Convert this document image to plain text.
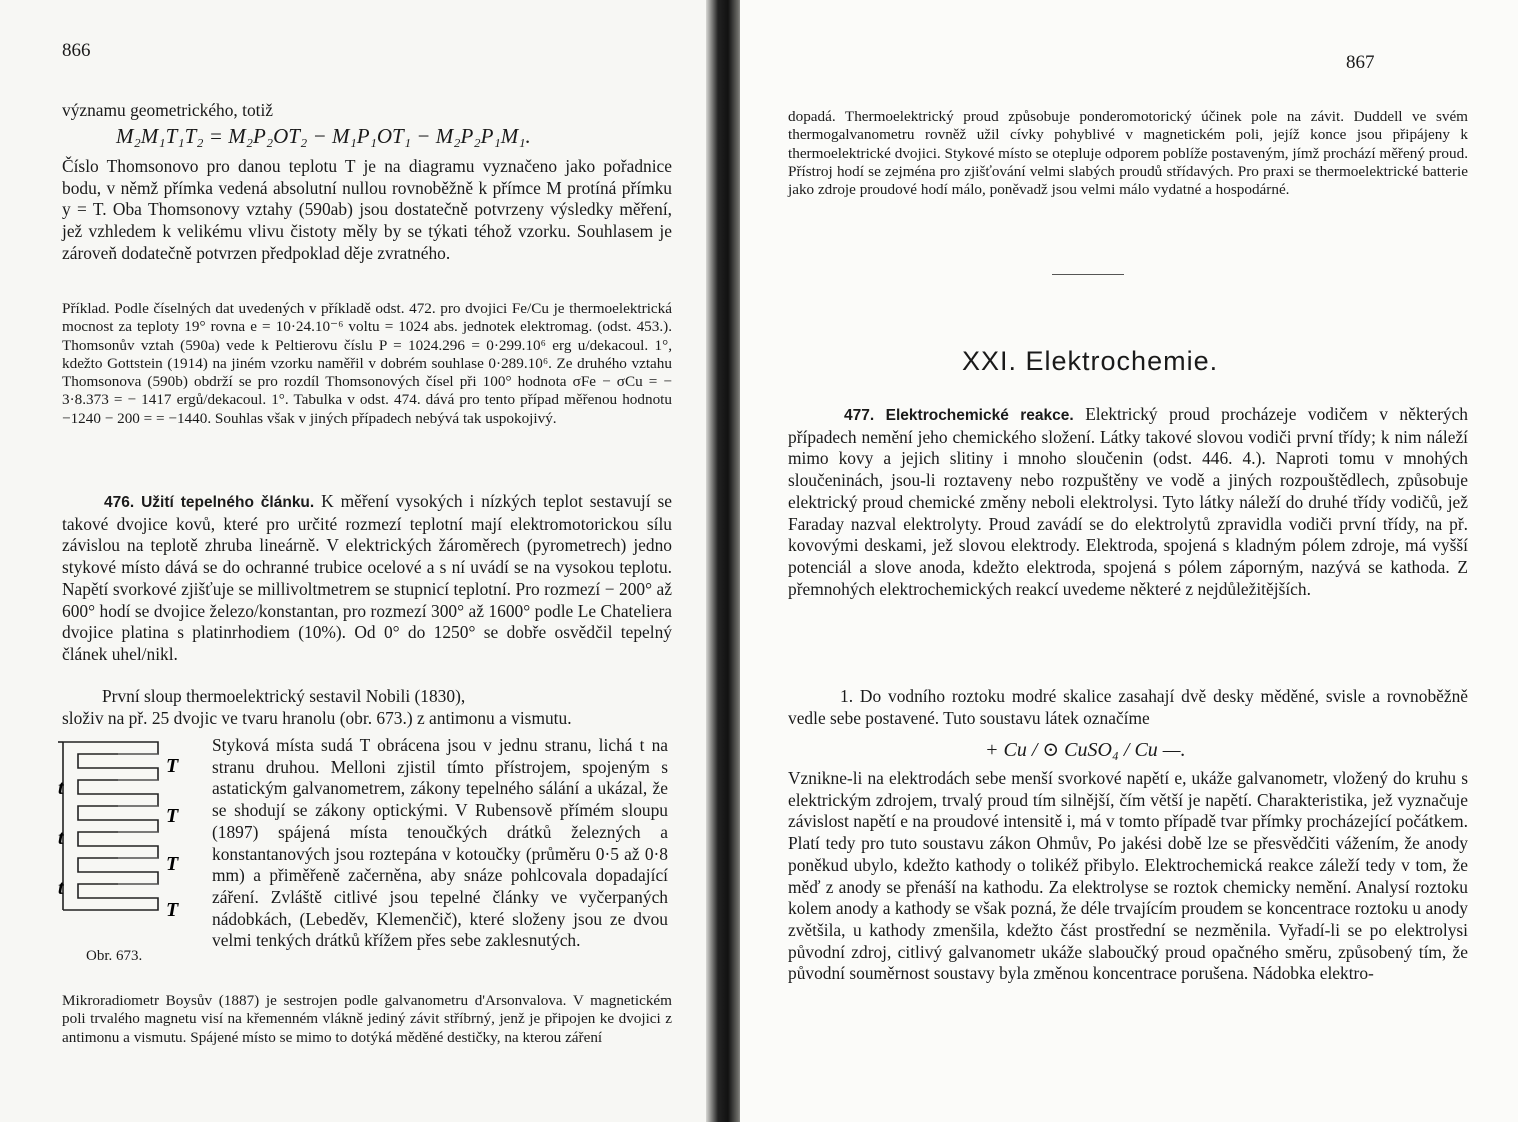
866
významu geometrického, totiž
M₂M₁T₁T₂ = M₂P₂OT₂ − M₁P₁OT₁ − M₂P₂P₁M₁.
Číslo Thomsonovo pro danou teplotu T je na diagramu vyznačeno jako pořadnice bodu, v němž přímka vedená absolutní nullou rovnoběžně k přímce M protíná přímku y = T. Oba Thomsonovy vztahy (590ab) jsou dostatečně potvrzeny výsledky měření, jež vzhledem k velikému vlivu čistoty měly by se týkati téhož vzorku. Souhlasem je zároveň dodatečně potvrzen předpoklad děje zvratného.
Příklad. Podle číselných dat uvedených v příkladě odst. 472. pro dvojici Fe/Cu je thermoelektrická mocnost za teploty 19° rovna e = 10·24.10⁻⁶ voltu = 1024 abs. jednotek elektromag. (odst. 453.). Thomsonův vztah (590a) vede k Peltierovu číslu P = 1024.296 = 0·299.10⁶ erg u/dekacoul. 1°, kdežto Gottstein (1914) na jiném vzorku naměřil v dobrém souhlase 0·289.10⁶. Ze druhého vztahu Thomsonova (590b) obdrží se pro rozdíl Thomsonových čísel při 100° hodnota σFe − σCu = − 3·8.373 = − 1417 ergů/dekacoul. 1°. Tabulka v odst. 474. dává pro tento případ měřenou hodnotu −1240 − 200 = = −1440. Souhlas však v jiných případech nebývá tak uspokojivý.
476. Užití tepelného článku. K měření vysokých i nízkých teplot sestavují se takové dvojice kovů, které pro určité rozmezí teplotní mají elektromotorickou sílu závislou na teplotě zhruba lineárně. V elektrických žároměrech (pyrometrech) jedno stykové místo dává se do ochranné trubice ocelové a s ní uvádí se na vysokou teplotu. Napětí svorkové zjišťuje se millivoltmetrem se stupnicí teplotní. Pro rozmezí − 200° až 600° hodí se dvojice železo/konstantan, pro rozmezí 300° až 1600° podle Le Chateliera dvojice platina s platinrhodiem (10%). Od 0° do 1250° se dobře osvědčil tepelný článek uhel/nikl.
První sloup thermoelektrický sestavil Nobili (1830),
složiv na př. 25 dvojic ve tvaru hranolu (obr. 673.) z antimonu a vismutu.
T
T
T
T
t
t
t
Obr. 673.
Styková místa sudá T obrácena jsou v jednu stranu, lichá t na stranu druhou. Melloni zjistil tímto přístrojem, spojeným s astatickým galvanometrem, zákony tepelného sálání a ukázal, že se shodují se zákony optickými. V Rubensově přímém sloupu (1897) spájená místa tenoučkých drátků železných a konstantanových jsou roztepána v kotoučky (průměru 0·5 až 0·8 mm) a přiměřeně začerněna, aby snáze pohlcovala dopadající záření. Zvláště citlivé jsou tepelné články ve vyčerpaných nádobkách, (Lebeděv, Klemenčič), které složeny jsou ze dvou velmi tenkých drátků křížem přes sebe zaklesnutých.
Mikroradiometr Boysův (1887) je sestrojen podle galvanometru d'Arsonvalova. V magnetickém poli trvalého magnetu visí na křemenném vlákně jediný závit stříbrný, jenž je připojen ke dvojici z antimonu a vismutu. Spájené místo se mimo to dotýká měděné destičky, na kterou záření
867
dopadá. Thermoelektrický proud způsobuje ponderomotorický účinek pole na závit. Duddell ve svém thermogalvanometru rovněž užil cívky pohyblivé v magnetickém poli, jejíž konce jsou připájeny k thermoelektrické dvojici. Stykové místo se otepluje odporem poblíže postaveným, jímž prochází měřený proud. Přístroj hodí se zejména pro zjišťování velmi slabých proudů střídavých. Pro praxi se thermoelektrické batterie jako zdroje proudové hodí málo, poněvadž jsou velmi málo vydatné a hospodárné.
XXI. Elektrochemie.
477. Elektrochemické reakce. Elektrický proud procházeje vodičem v některých případech nemění jeho chemického složení. Látky takové slovou vodiči první třídy; k nim náleží mimo kovy a jejich slitiny i mnoho sloučenin (odst. 446. 4.). Naproti tomu v mnohých sloučeninách, jsou-li roztaveny nebo rozpuštěny ve vodě a jiných rozpouštědlech, způsobuje elektrický proud chemické změny neboli elektrolysi. Tyto látky náleží do druhé třídy vodičů, jež Faraday nazval elektrolyty. Proud zavádí se do elektrolytů zpravidla vodiči první třídy, na př. kovovými deskami, jež slovou elektrody. Elektroda, spojená s kladným pólem zdroje, má vyšší potenciál a slove anoda, kdežto elektroda, spojená s pólem záporným, nazývá se kathoda. Z přemnohých elektrochemických reakcí uvedeme některé z nejdůležitějších.
1. Do vodního roztoku modré skalice zasahají dvě desky měděné, svisle a rovnoběžně vedle sebe postavené. Tuto soustavu látek označíme
+ Cu / ⊙ CuSO₄ / Cu —.
Vznikne-li na elektrodách sebe menší svorkové napětí e, ukáže galvanometr, vložený do kruhu s elektrickým zdrojem, trvalý proud tím silnější, čím větší je napětí. Charakteristika, jež vyznačuje závislost napětí e na proudové intensitě i, má v tomto případě tvar přímky procházející počátkem. Platí tedy pro tuto soustavu zákon Ohmův, Po jakési době lze se přesvědčiti vážením, že anody poněkud ubylo, kdežto kathody o tolikéž přibylo. Elektrochemická reakce záleží tedy v tom, že měď z anody se přenáší na kathodu. Za elektrolyse se roztok chemicky nemění. Analysí roztoku kolem anody a kathody se však pozná, že déle trvajícím proudem se koncentrace roztoku u anody zvětšila, u kathody zmenšila, kdežto část prostřední se nezměnila. Vyřadí-li se po elektrolysi původní zdroj, citlivý galvanometr ukáže slaboučký proud opačného směru, způsobený tím, že původní souměrnost soustavy byla změnou koncentrace porušena. Nádobka elektro-
